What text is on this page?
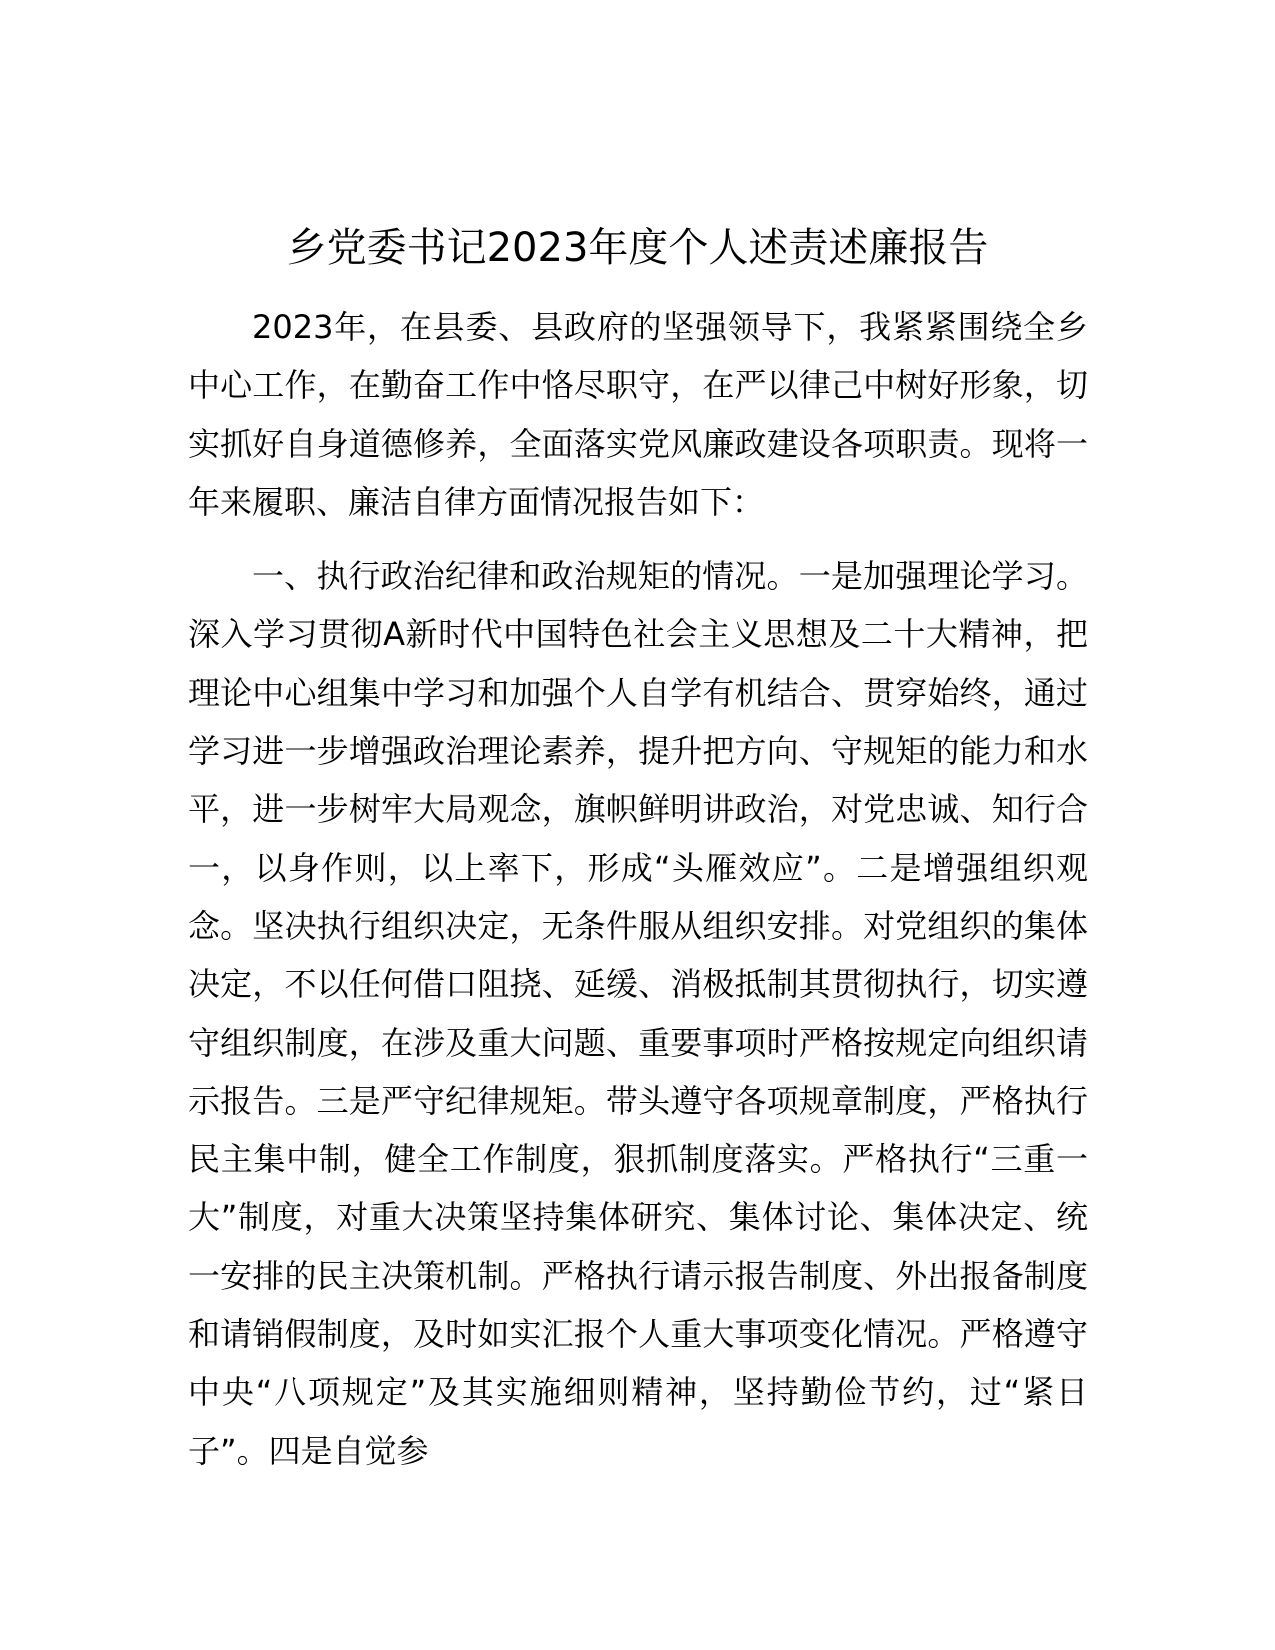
乡党委书记2023年度个人述责述廉报告

2023年，在县委、县政府的坚强领导下，我紧紧围绕全乡中心工作，在勤奋工作中恪尽职守，在严以律己中树好形象，切实抓好自身道德修养，全面落实党风廉政建设各项职责。现将一年来履职、廉洁自律方面情况报告如下：

一、执行政治纪律和政治规矩的情况。一是加强理论学习。深入学习贯彻A新时代中国特色社会主义思想及二十大精神，把理论中心组集中学习和加强个人自学有机结合、贯穿始终，通过学习进一步增强政治理论素养，提升把方向、守规矩的能力和水平，进一步树牢大局观念，旗帜鲜明讲政治，对党忠诚、知行合一，以身作则，以上率下，形成“头雁效应”。二是增强组织观念。坚决执行组织决定，无条件服从组织安排。对党组织的集体决定，不以任何借口阻挠、延缓、消极抵制其贯彻执行，切实遵守组织制度，在涉及重大问题、重要事项时严格按规定向组织请示报告。三是严守纪律规矩。带头遵守各项规章制度，严格执行民主集中制，健全工作制度，狠抓制度落实。严格执行“三重一大”制度，对重大决策坚持集体研究、集体讨论、集体决定、统一安排的民主决策机制。严格执行请示报告制度、外出报备制度和请销假制度，及时如实汇报个人重大事项变化情况。严格遵守中央“八项规定”及其实施细则精神，坚持勤俭节约，过“紧日子”。四是自觉参
